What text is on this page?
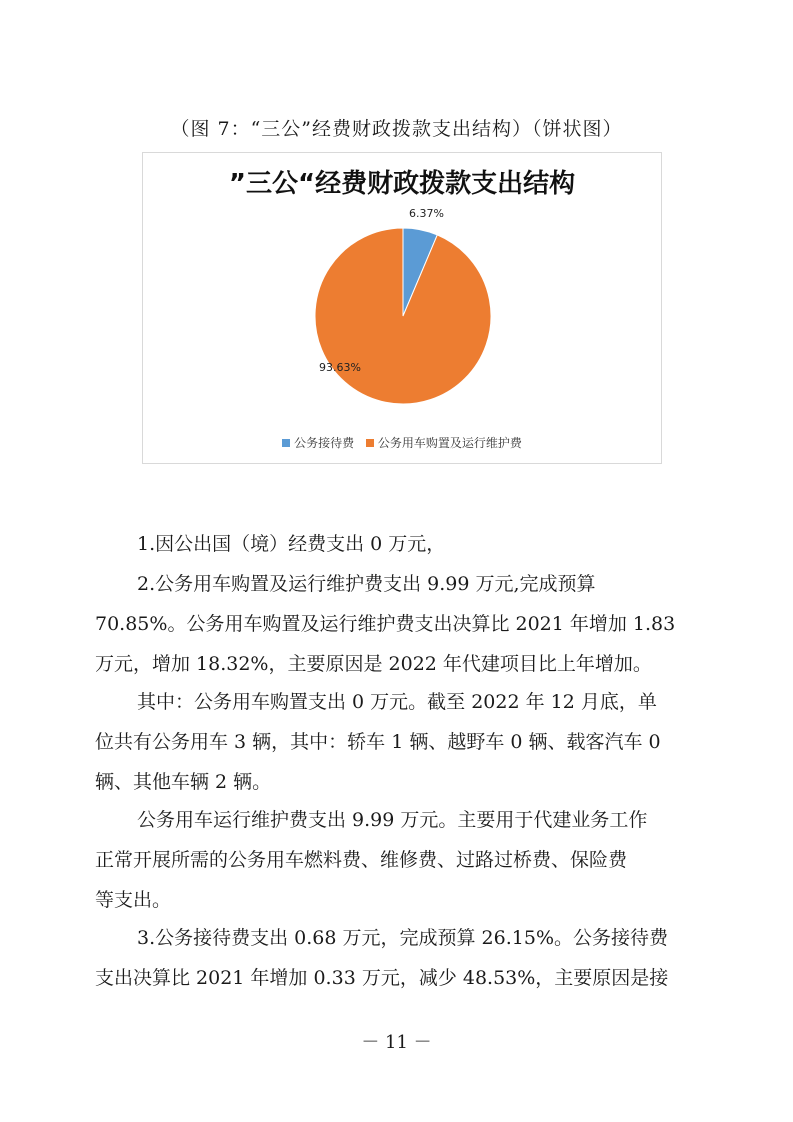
（图 7：“三公”经费财政拨款支出结构）（饼状图）
”三公“经费财政拨款支出结构
6.37%
93.63%
公务接待费 公务用车购置及运行维护费
1.因公出国（境）经费支出 0 万元，
2.公务用车购置及运行维护费支出 9.99 万元,完成预算
70.85%。公务用车购置及运行维护费支出决算比 2021 年增加 1.83
万元，增加 18.32%，主要原因是 2022 年代建项目比上年增加。
其中：公务用车购置支出 0 万元。截至 2022 年 12 月底，单
位共有公务用车 3 辆，其中：轿车 1 辆、越野车 0 辆、载客汽车 0
辆、其他车辆 2 辆。
公务用车运行维护费支出 9.99 万元。主要用于代建业务工作
正常开展所需的公务用车燃料费、维修费、过路过桥费、保险费
等支出。
3.公务接待费支出 0.68 万元，完成预算 26.15%。公务接待费
支出决算比 2021 年增加 0.33 万元，减少 48.53%，主要原因是接
－ 11 －
